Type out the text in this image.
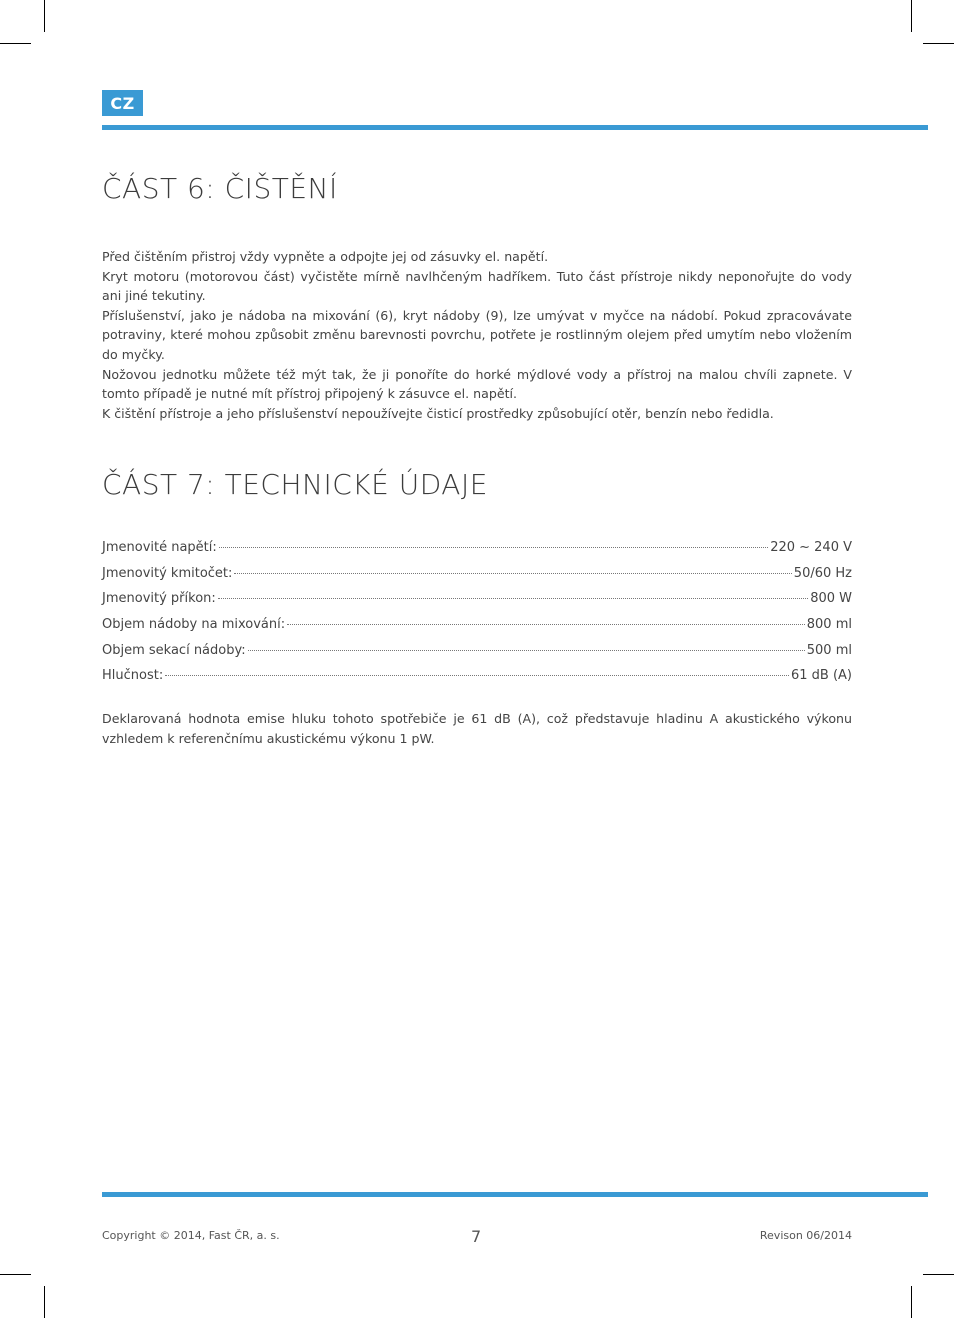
CZ
ČÁST 6: ČIŠTĚNÍ

Před čištěním přistroj vždy vypněte a odpojte jej od zásuvky el. napětí.

Kryt motoru (motorovou část) vyčistěte mírně navlhčeným hadříkem. Tuto část přístroje nikdy neponořujte do vody ani jiné tekutiny.

Příslušenství, jako je nádoba na mixování (6), kryt nádoby (9), lze umývat v myčce na nádobí. Pokud zpracovávate potraviny, které mohou způsobit změnu barevnosti povrchu, potřete je rostlinným olejem před umytím nebo vložením do myčky.

Nožovou jednotku můžete též mýt tak, že ji ponoříte do horké mýdlové vody a přístroj na malou chvíli zapnete. V tomto případě je nutné mít přístroj připojený k zásuvce el. napětí.

K čištění přístroje a jeho příslušenství nepoužívejte čisticí prostředky způsobující otěr, benzín nebo ředidla.

ČÁST 7: TECHNICKÉ ÚDAJE
Jmenovité napětí:	220 ~ 240 V
Jmenovitý kmitočet:	50/60 Hz
Jmenovitý příkon:	800 W
Objem nádoby na mixování:	800 ml
Objem sekací nádoby:	500 ml
Hlučnost:	61 dB (A)

Deklarovaná hodnota emise hluku tohoto spotřebiče je 61 dB (A), což představuje hladinu A akustického výkonu vzhledem k referenčnímu akustickému výkonu 1 pW.

Copyright © 2014, Fast ČR, a. s.	7	Revison 06/2014
